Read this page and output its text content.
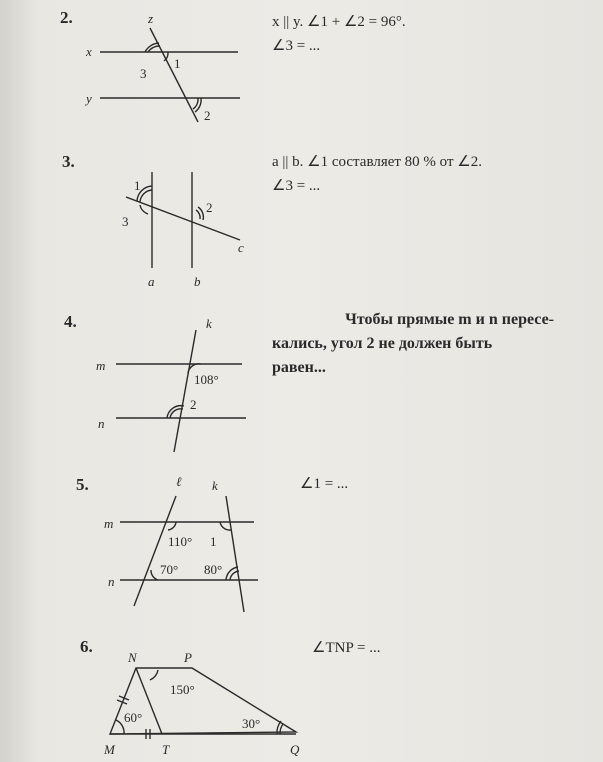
2.
3.
4.
5.
6.
x || y. ∠1 + ∠2 = 96°.
∠3 = ...
a || b. ∠1 составляет 80 % от ∠2.
∠3 = ...
Чтобы прямые m и n пересе-
кались, угол 2 не должен быть
равен...
∠1 = ...
∠TNP = ...
z
x
y
1
3
2
1
3
2
c
a	b
k
m
n
108°
2
ℓ k
m
n
110° 1
70° 80°
N	P
M	T	Q
150°
60°	30°
